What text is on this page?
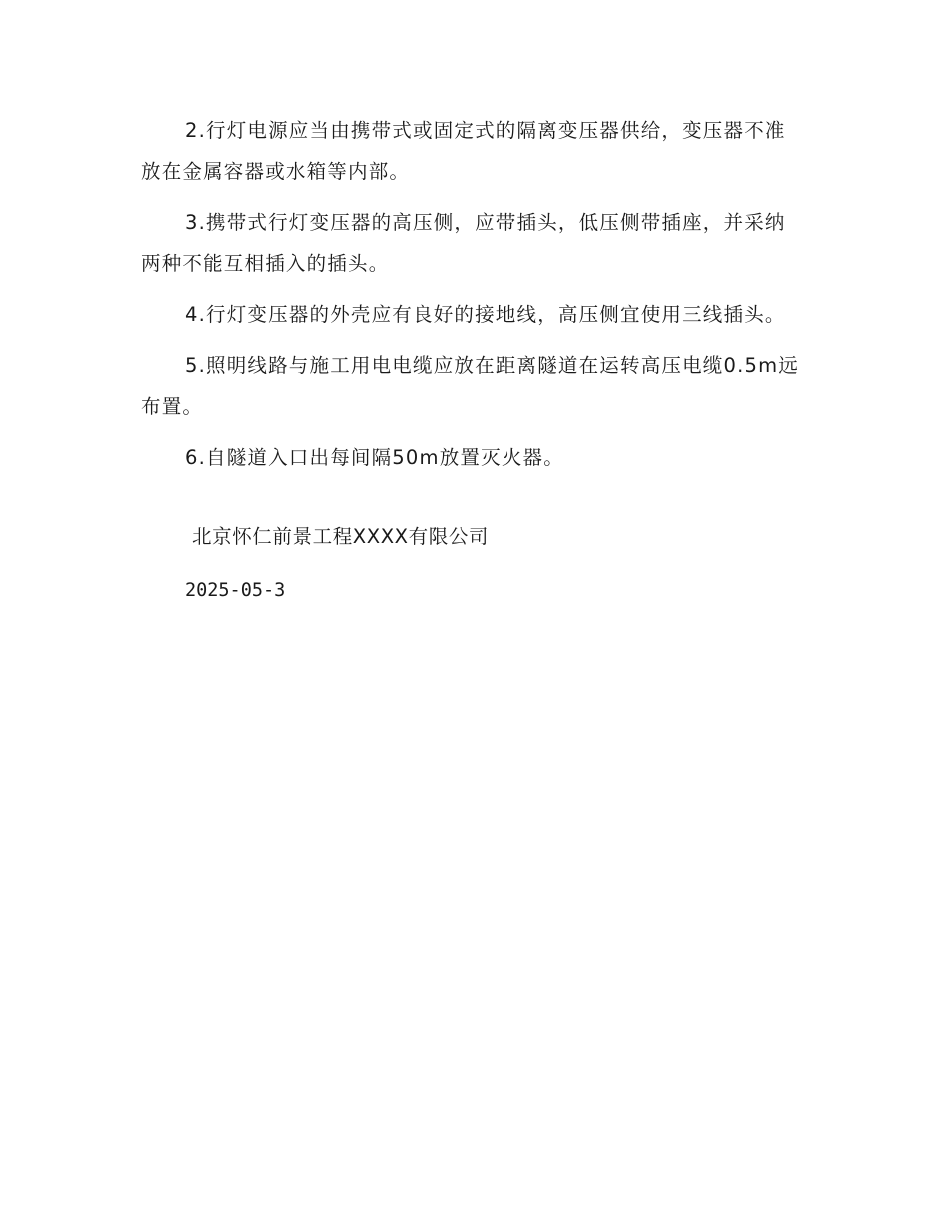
2.行灯电源应当由携带式或固定式的隔离变压器供给，变压器不准放在金属容器或水箱等内部。

3.携带式行灯变压器的高压侧，应带插头，低压侧带插座，并采纳两种不能互相插入的插头。

4.行灯变压器的外壳应有良好的接地线，高压侧宜使用三线插头。

5.照明线路与施工用电电缆应放在距离隧道在运转高压电缆0.5m远布置。

6.自隧道入口出每间隔50m放置灭火器。

北京怀仁前景工程XXXX有限公司
2025-05-3
